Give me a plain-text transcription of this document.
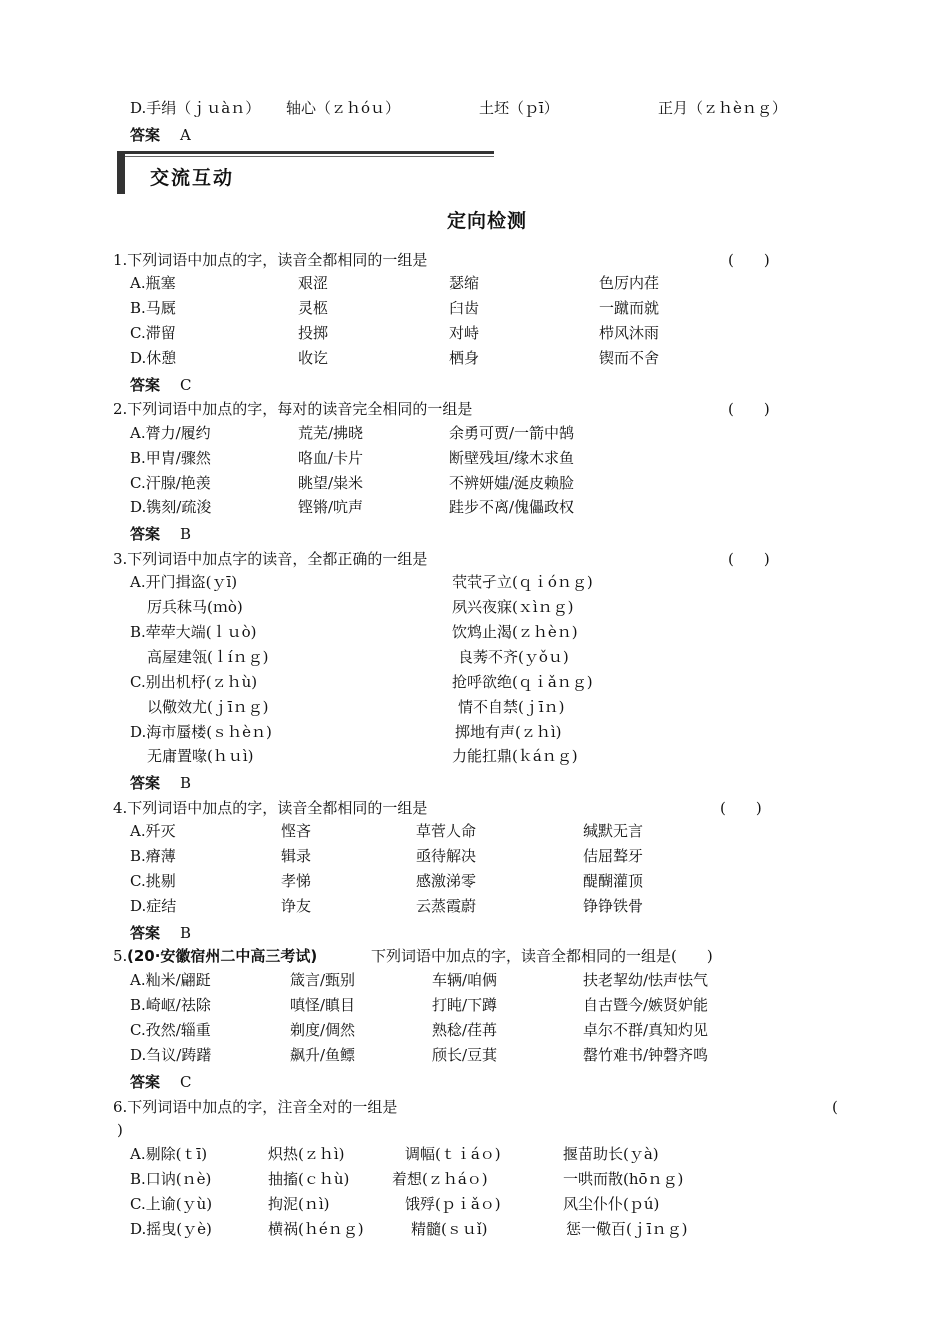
D.手绢（ｊｕàｎ） 轴心（ｚｈóｕ）	土坯（ｐī）	正月（ｚｈèｎｇ）
答案 A
交流互动
定向检测
1.下列词语中加点的字，读音全都相同的一组是	(　　)
A.瓶塞	艰涩	瑟缩	色厉内荏
B.马厩	灵柩	臼齿	一蹴而就
C.滞留	投掷	对峙	栉风沐雨
D.休憩	收讫	栖身	锲而不舍
答案 C
2.下列词语中加点的字，每对的读音完全相同的一组是	(　　)
A.膂力/履约	荒芜/拂晓	余勇可贾/一箭中鹄
B.甲胄/骤然	咯血/卡片	断壁残垣/缘木求鱼
C.汗腺/艳羡	眺望/粜米	不辨妍媸/涎皮赖脸
D.镌刻/疏浚	铿锵/吭声	跬步不离/傀儡政权
答案 B
3.下列词语中加点字的读音，全都正确的一组是	(　　)
A.开门揖盗(ｙī)	茕茕孑立(ｑｉóｎｇ)
厉兵秣马(ｍò)	夙兴夜寐(ｘìｎｇ)
B.荦荦大端(ｌｕò)	饮鸩止渴(ｚｈèｎ)
高屋建瓴(ｌíｎｇ)	良莠不齐(ｙǒｕ)
C.别出机杼(ｚｈù)	抢呼欲绝(ｑｉǎｎｇ)
以儆效尤(ｊīｎｇ)	情不自禁(ｊīｎ)
D.海市蜃楼(ｓｈèｎ)	掷地有声(ｚｈì)
无庸置喙(ｈｕì)	力能扛鼎(ｋáｎｇ)
答案 B
4.下列词语中加点的字，读音全都相同的一组是	(　　)
A.歼灭	悭吝	草菅人命	缄默无言
B.瘠薄	辑录	亟待解决	佶屈聱牙
C.挑剔	孝悌	感激涕零	醍醐灌顶
D.症结	诤友	云蒸霞蔚	铮铮铁骨
答案 B
5. (20·安徽宿州二中高三考试)	下列词语中加点的字，读音全都相同的一组是(　　)
A.籼米/翩跹	箴言/甄别	车辆/咱俩	扶老挈幼/怯声怯气
B.崎岖/祛除	嗔怪/瞋目	打盹/下蹲	自古暨今/嫉贤妒能
C.孜然/辎重	剃度/倜然	熟稔/荏苒	卓尔不群/真知灼见
D.刍议/踌躇	飙升/鱼鳔	颀长/豆萁	罄竹难书/钟磬齐鸣
答案 C
6.下列词语中加点的字，注音全对的一组是	(
)
A.剔除(ｔī)	炽热(ｚｈì)	调幅(ｔｉáｏ)	揠苗助长(ｙà)
B.口讷(ｎè)	抽搐(ｃｈù)	着想(ｚｈáｏ)	一哄而散(hōｎｇ)
C.上谕(ｙù)	拘泥(ｎì)	饿殍(ｐｉǎｏ)	风尘仆仆(ｐú)
D.摇曳(ｙè)	横祸(ｈéｎｇ)	精髓(ｓｕǐ)	惩一儆百(ｊīｎｇ)
